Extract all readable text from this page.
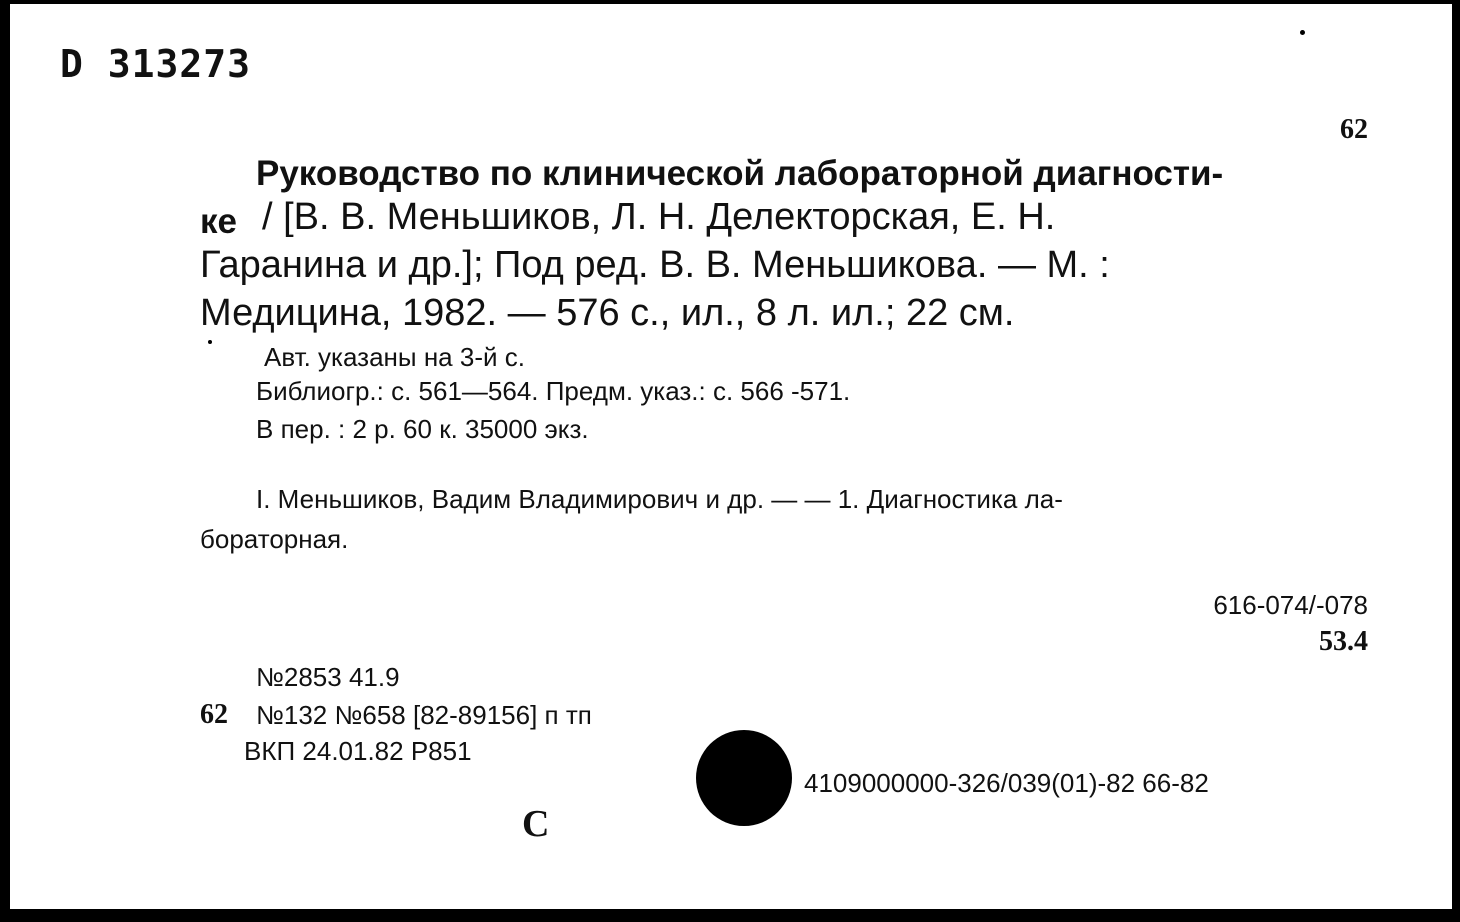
D 313273
62
Руководство по клинической лабораторной диагности-
ке / [В. В. Меньшиков, Л. Н. Делекторская, Е. Н.
Гаранина и др.]; Под ред. В. В. Меньшикова. — М. :
Медицина, 1982. — 576 с., ил., 8 л. ил.; 22 см.
Авт. указаны на 3-й с.
Библиогр.: с. 561—564. Предм. указ.: с. 566 -571.
В пер. : 2 р. 60 к. 35000 экз.
I. Меньшиков, Вадим Владимирович и др. — — 1. Диагностика ла-
бораторная.
616-074/-078
53.4
№2853 41.9
62 №132 №658 [82-89156] п тп
ВКП 24.01.82 Р851
4109000000-326/039(01)-82 66-82
С
